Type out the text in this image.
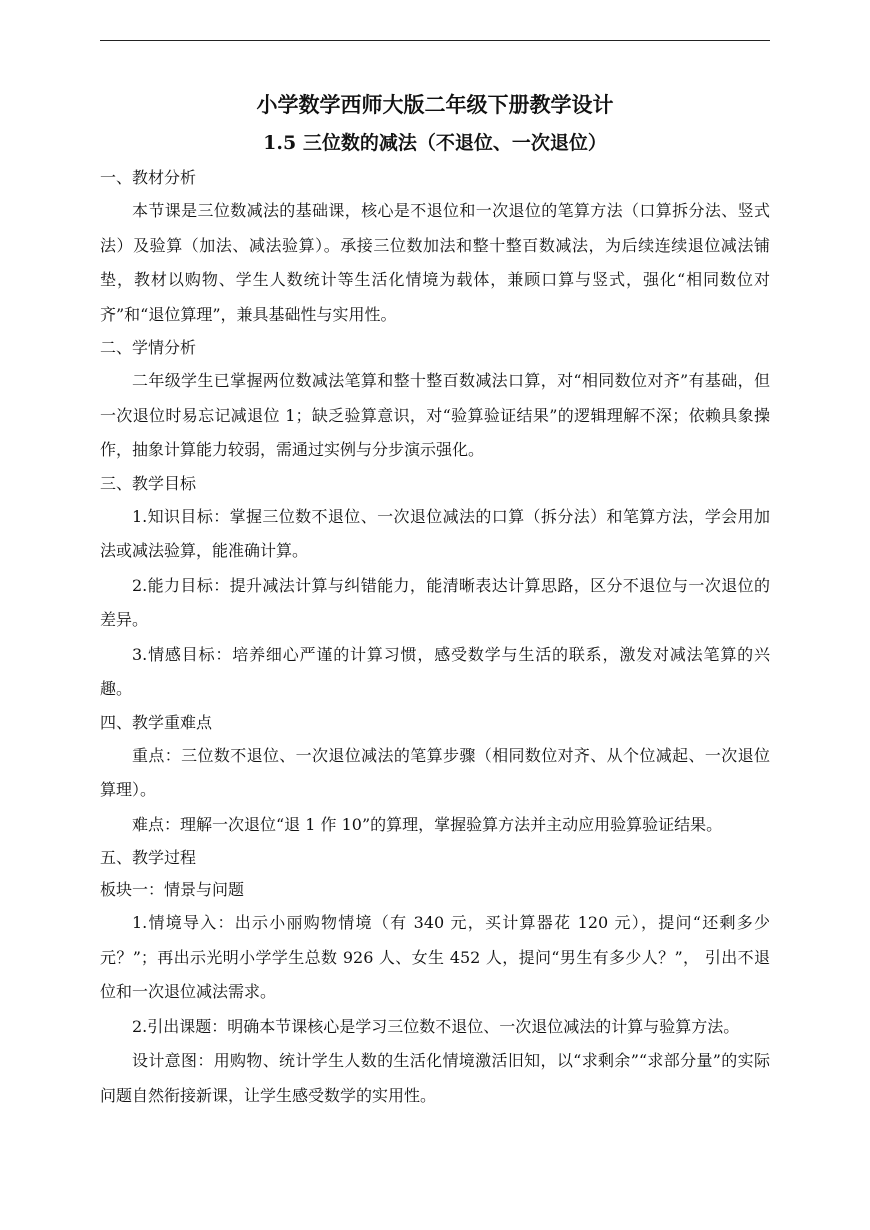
小学数学西师大版二年级下册教学设计
1.5 三位数的减法（不退位、一次退位）
一、教材分析
本节课是三位数减法的基础课，核心是不退位和一次退位的笔算方法（口算拆分法、竖式法）及验算（加法、减法验算）。承接三位数加法和整十整百数减法，为后续连续退位减法铺垫，教材以购物、学生人数统计等生活化情境为载体，兼顾口算与竖式，强化“相同数位对齐”和“退位算理”，兼具基础性与实用性。
二、学情分析
二年级学生已掌握两位数减法笔算和整十整百数减法口算，对“相同数位对齐”有基础，但一次退位时易忘记减退位 1；缺乏验算意识，对“验算验证结果”的逻辑理解不深；依赖具象操作，抽象计算能力较弱，需通过实例与分步演示强化。
三、教学目标
1.知识目标：掌握三位数不退位、一次退位减法的口算（拆分法）和笔算方法，学会用加法或减法验算，能准确计算。
2.能力目标：提升减法计算与纠错能力，能清晰表达计算思路，区分不退位与一次退位的差异。
3.情感目标：培养细心严谨的计算习惯，感受数学与生活的联系，激发对减法笔算的兴趣。
四、教学重难点
重点：三位数不退位、一次退位减法的笔算步骤（相同数位对齐、从个位减起、一次退位算理）。
难点：理解一次退位“退 1 作 10”的算理，掌握验算方法并主动应用验算验证结果。
五、教学过程
板块一：情景与问题
1.情境导入：出示小丽购物情境（有 340 元，买计算器花 120 元），提问“还剩多少元？”；再出示光明小学学生总数 926 人、女生 452 人，提问“男生有多少人？”， 引出不退位和一次退位减法需求。
2.引出课题：明确本节课核心是学习三位数不退位、一次退位减法的计算与验算方法。
设计意图：用购物、统计学生人数的生活化情境激活旧知，以“求剩余”“求部分量”的实际问题自然衔接新课，让学生感受数学的实用性。
